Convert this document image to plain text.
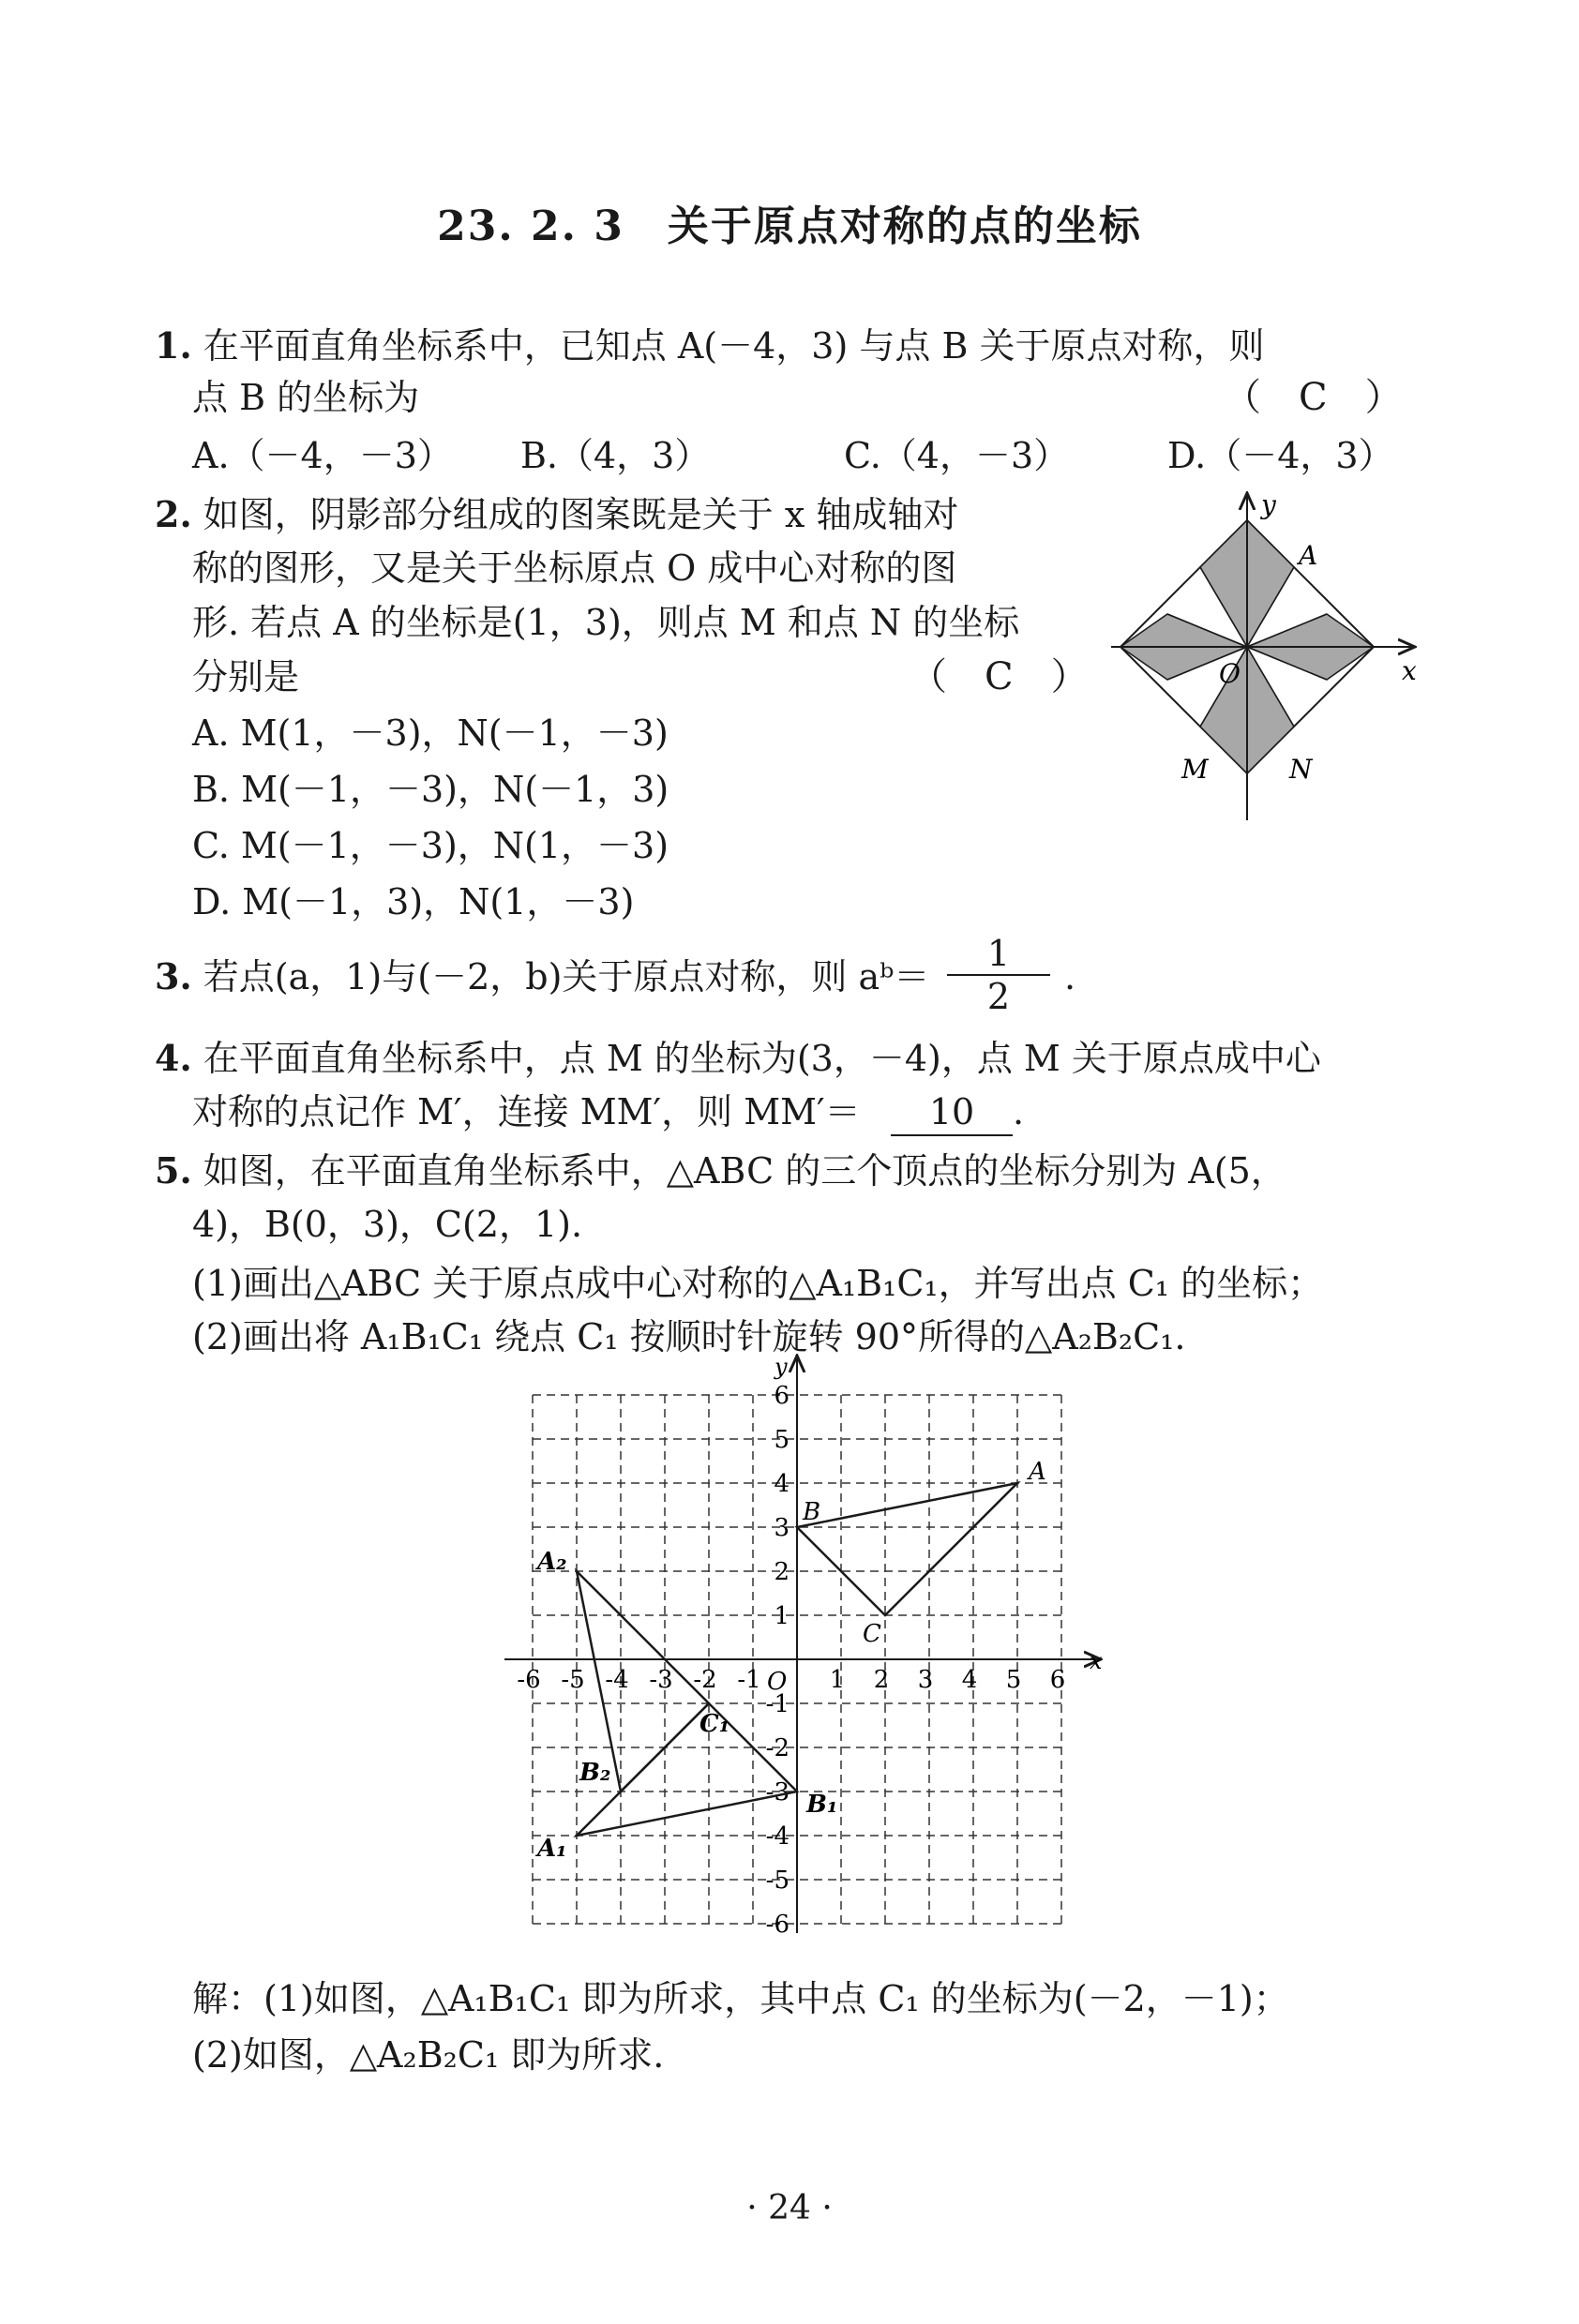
23. 2. 3　关于原点对称的点的坐标
1. 在平面直角坐标系中，已知点 A(－4，3) 与点 B 关于原点对称，则
点 B 的坐标为	（　C　）
A.（－4，－3） B.（4，3）	C.（4，－3）	D.（－4，3）
2. 如图，阴影部分组成的图案既是关于 x 轴成轴对
称的图形，又是关于坐标原点 O 成中心对称的图
形. 若点 A 的坐标是(1，3)，则点 M 和点 N 的坐标
分别是	（　C　）
A. M(1，－3)，N(－1，－3)
B. M(－1，－3)，N(－1，3)
C. M(－1，－3)，N(1，－3)
D. M(－1，3)，N(1，－3)
y
x
O
A
M	N
3. 若点(a，1)与(－2，b)关于原点对称，则 aᵇ＝ $\frac{1}{2}$ .
4. 在平面直角坐标系中，点 M 的坐标为(3，－4)，点 M 关于原点成中心
对称的点记作 M′，连接 MM′，则 MM′＝	10 .
5. 如图，在平面直角坐标系中，△ABC 的三个顶点的坐标分别为 A(5，
4)，B(0，3)，C(2，1).
(1)画出△ABC 关于原点成中心对称的△A₁B₁C₁，并写出点 C₁ 的坐标；
(2)画出将 A₁B₁C₁ 绕点 C₁ 按顺时针旋转 90°所得的△A₂B₂C₁.
x
y
O
-6 -5 -4 -3 -2 -1	1 2 3 4 5 6
6
5
4
3
2
1
-1
-2
-3
-4
-5
-6
A
B
C
A₁
B₁
C₁
A₂
B₂
解：(1)如图，△A₁B₁C₁ 即为所求，其中点 C₁ 的坐标为(－2，－1)；
(2)如图，△A₂B₂C₁ 即为所求.
· 24 ·
